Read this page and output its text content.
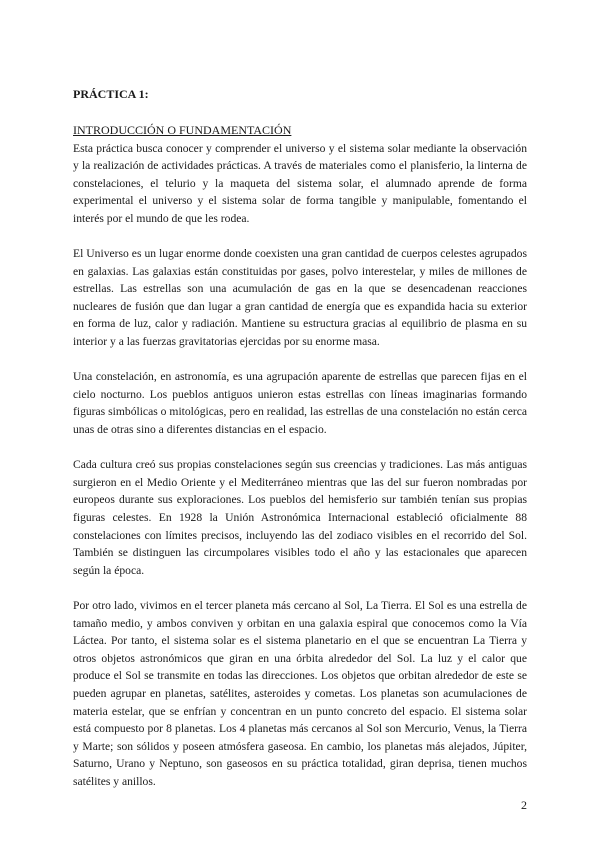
PRÁCTICA 1:
INTRODUCCIÓN O FUNDAMENTACIÓN

Esta práctica busca conocer y comprender el universo y el sistema solar mediante la observación y la realización de actividades prácticas. A través de materiales como el planisferio, la linterna de constelaciones, el telurio y la maqueta del sistema solar, el alumnado aprende de forma experimental el universo y el sistema solar de forma tangible y manipulable, fomentando el interés por el mundo de que les rodea.

El Universo es un lugar enorme donde coexisten una gran cantidad de cuerpos celestes agrupados en galaxias. Las galaxias están constituidas por gases, polvo interestelar, y miles de millones de estrellas. Las estrellas son una acumulación de gas en la que se desencadenan reacciones nucleares de fusión que dan lugar a gran cantidad de energía que es expandida hacia su exterior en forma de luz, calor y radiación. Mantiene su estructura gracias al equilibrio de plasma en su interior y a las fuerzas gravitatorias ejercidas por su enorme masa.

Una constelación, en astronomía, es una agrupación aparente de estrellas que parecen fijas en el cielo nocturno. Los pueblos antiguos unieron estas estrellas con líneas imaginarias formando figuras simbólicas o mitológicas, pero en realidad, las estrellas de una constelación no están cerca unas de otras sino a diferentes distancias en el espacio.

Cada cultura creó sus propias constelaciones según sus creencias y tradiciones. Las más antiguas surgieron en el Medio Oriente y el Mediterráneo mientras que las del sur fueron nombradas por europeos durante sus exploraciones. Los pueblos del hemisferio sur también tenían sus propias figuras celestes. En 1928 la Unión Astronómica Internacional estableció oficialmente 88 constelaciones con límites precisos, incluyendo las del zodiaco visibles en el recorrido del Sol. También se distinguen las circumpolares visibles todo el año y las estacionales que aparecen según la época.

Por otro lado, vivimos en el tercer planeta más cercano al Sol, La Tierra. El Sol es una estrella de tamaño medio, y ambos conviven y orbitan en una galaxia espiral que conocemos como la Vía Láctea. Por tanto, el sistema solar es el sistema planetario en el que se encuentran La Tierra y otros objetos astronómicos que giran en una órbita alrededor del Sol. La luz y el calor que produce el Sol se transmite en todas las direcciones. Los objetos que orbitan alrededor de este se pueden agrupar en planetas, satélites, asteroides y cometas. Los planetas son acumulaciones de materia estelar, que se enfrían y concentran en un punto concreto del espacio. El sistema solar está compuesto por 8 planetas. Los 4 planetas más cercanos al Sol son Mercurio, Venus, la Tierra y Marte; son sólidos y poseen atmósfera gaseosa. En cambio, los planetas más alejados, Júpiter, Saturno, Urano y Neptuno, son gaseosos en su práctica totalidad, giran deprisa, tienen muchos satélites y anillos.

2
